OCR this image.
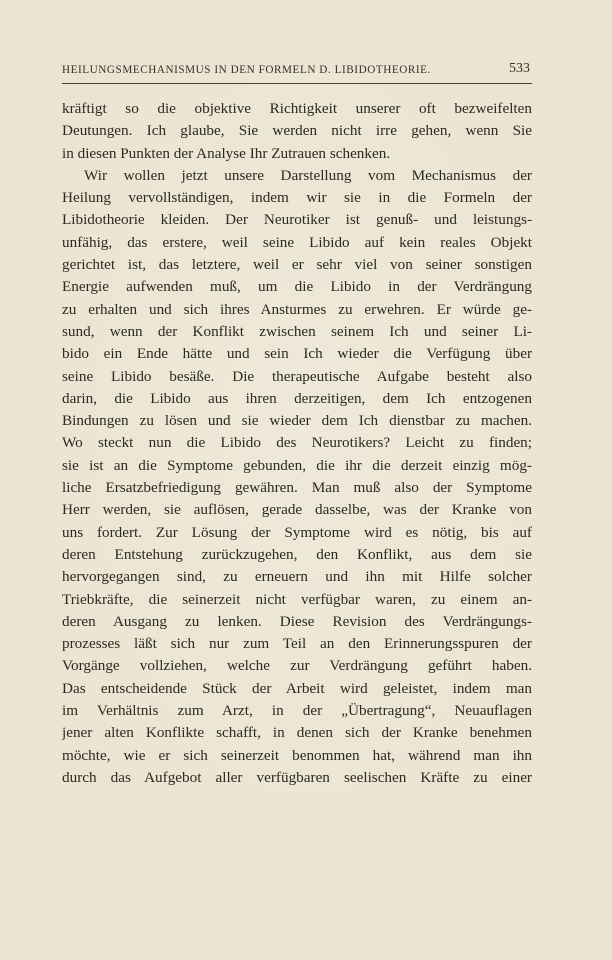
HEILUNGSMECHANISMUS IN DEN FORMELN D. LIBIDOTHEORIE.	533
kräftigt so die objektive Richtigkeit unserer oft bezweifelten
Deutungen. Ich glaube, Sie werden nicht irre gehen, wenn Sie
in diesen Punkten der Analyse Ihr Zutrauen schenken.
Wir wollen jetzt unsere Darstellung vom Mechanismus der
Heilung vervollständigen, indem wir sie in die Formeln der
Libidotheorie kleiden. Der Neurotiker ist genuß- und leistungs-
unfähig, das erstere, weil seine Libido auf kein reales Objekt
gerichtet ist, das letztere, weil er sehr viel von seiner sonstigen
Energie aufwenden muß, um die Libido in der Verdrängung
zu erhalten und sich ihres Ansturmes zu erwehren. Er würde ge-
sund, wenn der Konflikt zwischen seinem Ich und seiner Li-
bido ein Ende hätte und sein Ich wieder die Verfügung über
seine Libido besäße. Die therapeutische Aufgabe besteht also
darin, die Libido aus ihren derzeitigen, dem Ich entzogenen
Bindungen zu lösen und sie wieder dem Ich dienstbar zu machen.
Wo steckt nun die Libido des Neurotikers? Leicht zu finden;
sie ist an die Symptome gebunden, die ihr die derzeit einzig mög-
liche Ersatzbefriedigung gewähren. Man muß also der Symptome
Herr werden, sie auflösen, gerade dasselbe, was der Kranke von
uns fordert. Zur Lösung der Symptome wird es nötig, bis auf
deren Entstehung zurückzugehen, den Konflikt, aus dem sie
hervorgegangen sind, zu erneuern und ihn mit Hilfe solcher
Triebkräfte, die seinerzeit nicht verfügbar waren, zu einem an-
deren Ausgang zu lenken. Diese Revision des Verdrängungs-
prozesses läßt sich nur zum Teil an den Erinnerungsspuren der
Vorgänge vollziehen, welche zur Verdrängung geführt haben.
Das entscheidende Stück der Arbeit wird geleistet, indem man
im Verhältnis zum Arzt, in der „Übertragung“, Neuauflagen
jener alten Konflikte schafft, in denen sich der Kranke benehmen
möchte, wie er sich seinerzeit benommen hat, während man ihn
durch das Aufgebot aller verfügbaren seelischen Kräfte zu einer
